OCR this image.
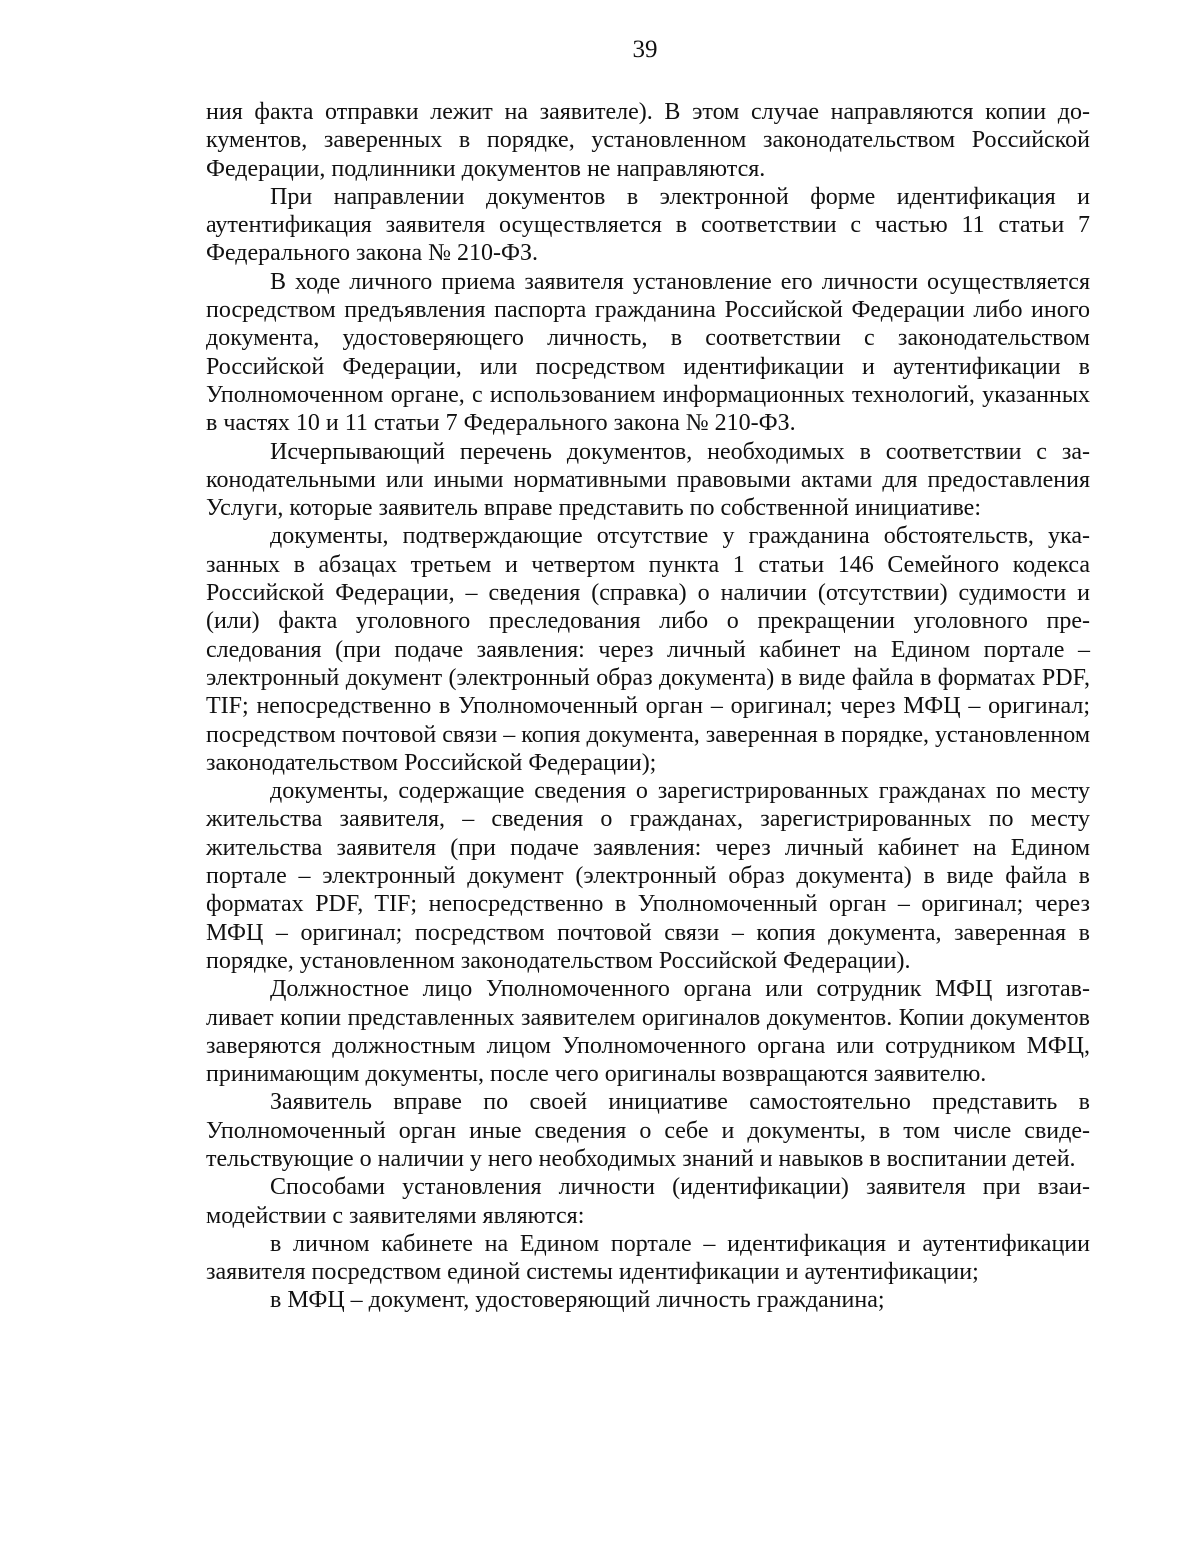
39

ния факта отправки лежит на заявителе). В этом случае направляются копии документов, заверенных в порядке, установленном законодательством Российской Федерации, подлинники документов не направляются.

При направлении документов в электронной форме идентификация и аутентификация заявителя осуществляется в соответствии с частью 11 статьи 7 Федерального закона № 210-ФЗ.

В ходе личного приема заявителя установление его личности осуществляется посредством предъявления паспорта гражданина Российской Федерации либо иного документа, удостоверяющего личность, в соответствии с законодательством Российской Федерации, или посредством идентификации и аутентификации в Уполномоченном органе, с использованием информационных технологий, указанных в частях 10 и 11 статьи 7 Федерального закона № 210-ФЗ.

Исчерпывающий перечень документов, необходимых в соответствии с законодательными или иными нормативными правовыми актами для предоставления Услуги, которые заявитель вправе представить по собственной инициативе:

документы, подтверждающие отсутствие у гражданина обстоятельств, указанных в абзацах третьем и четвертом пункта 1 статьи 146 Семейного кодекса Российской Федерации, – сведения (справка) о наличии (отсутствии) судимости и (или) факта уголовного преследования либо о прекращении уголовного преследования (при подаче заявления: через личный кабинет на Едином портале – электронный документ (электронный образ документа) в виде файла в форматах PDF, TIF; непосредственно в Уполномоченный орган – оригинал; через МФЦ – оригинал; посредством почтовой связи – копия документа, заверенная в порядке, установленном законодательством Российской Федерации);

документы, содержащие сведения о зарегистрированных гражданах по месту жительства заявителя, – сведения о гражданах, зарегистрированных по месту жительства заявителя (при подаче заявления: через личный кабинет на Едином портале – электронный документ (электронный образ документа) в виде файла в форматах PDF, TIF; непосредственно в Уполномоченный орган – оригинал; через МФЦ – оригинал; посредством почтовой связи – копия документа, заверенная в порядке, установленном законодательством Российской Федерации).

Должностное лицо Уполномоченного органа или сотрудник МФЦ изготавливает копии представленных заявителем оригиналов документов. Копии документов заверяются должностным лицом Уполномоченного органа или сотрудником МФЦ, принимающим документы, после чего оригиналы возвращаются заявителю.

Заявитель вправе по своей инициативе самостоятельно представить в Уполномоченный орган иные сведения о себе и документы, в том числе свидетельствующие о наличии у него необходимых знаний и навыков в воспитании детей.

Способами установления личности (идентификации) заявителя при взаимодействии с заявителями являются:

в личном кабинете на Едином портале – идентификация и аутентификации заявителя посредством единой системы идентификации и аутентификации;

в МФЦ – документ, удостоверяющий личность гражданина;
